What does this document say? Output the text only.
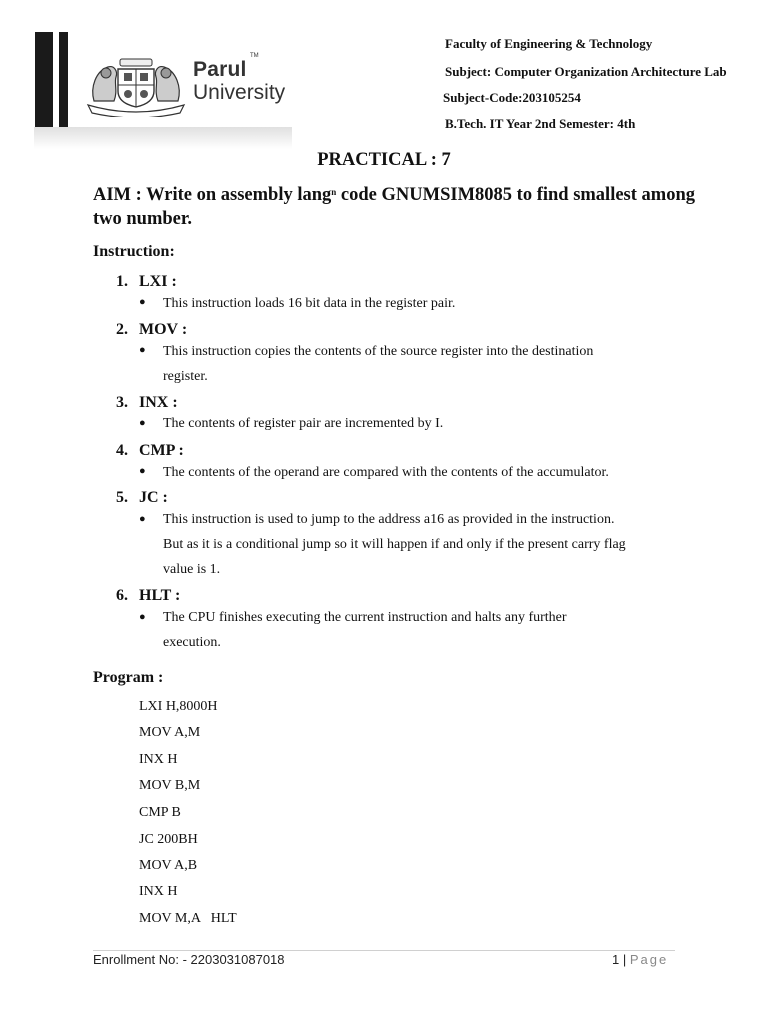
Parul
TM
University
Faculty of Engineering & Technology
Subject: Computer Organization Architecture Lab
Subject-Code:203105254
B.Tech. IT Year 2nd Semester: 4th
PRACTICAL : 7
AIM : Write on assembly lang$^n$ code GNUMSIM8085 to find smallest among two number.
Instruction:
1. LXI :
● This instruction loads 16 bit data in the register pair.
2. MOV :
● This instruction copies the contents of the source register into the destination
register.
3. INX :
● The contents of register pair are incremented by I.
4. CMP :
● The contents of the operand are compared with the contents of the accumulator.
5. JC :
● This instruction is used to jump to the address a16 as provided in the instruction.
But as it is a conditional jump so it will happen if and only if the present carry flag
value is 1.
6. HLT :
● The CPU finishes executing the current instruction and halts any further
execution.
Program :
LXI H,8000H
MOV A,M
INX H
MOV B,M
CMP B
JC 200BH
MOV A,B
INX H
MOV M,A   HLT
Enrollment No: - 2203031087018	1 | Page
